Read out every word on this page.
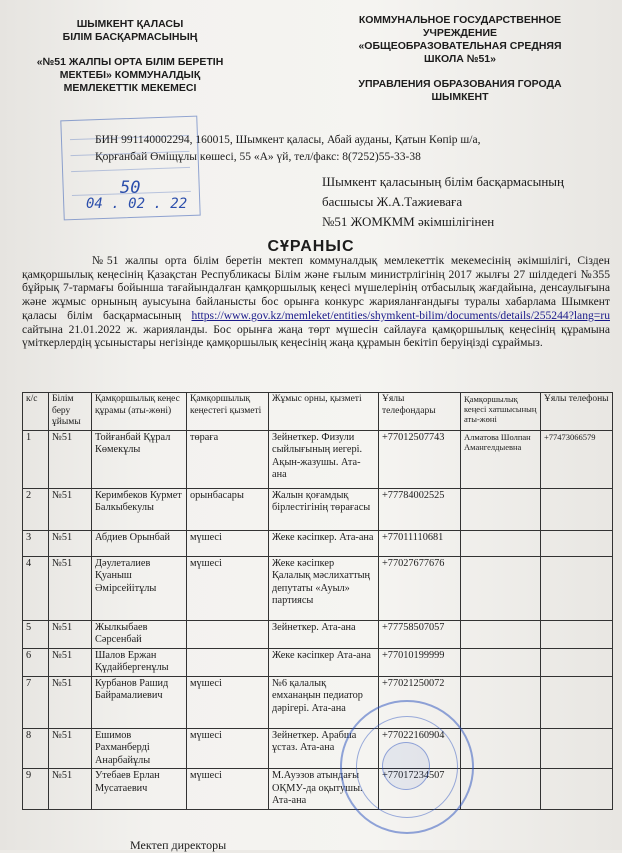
ШЫМКЕНТ ҚАЛАСЫ
БІЛІМ БАСҚАРМАСЫНЫҢ
«№51 ЖАЛПЫ ОРТА БІЛІМ БЕРЕТІН
МЕКТЕБІ» КОММУНАЛДЫҚ
МЕМЛЕКЕТТІК МЕКЕМЕСІ
КОММУНАЛЬНОЕ ГОСУДАРСТВЕННОЕ
УЧРЕЖДЕНИЕ
«ОБЩЕОБРАЗОВАТЕЛЬНАЯ СРЕДНЯЯ
ШКОЛА №51»
УПРАВЛЕНИЯ ОБРАЗОВАНИЯ ГОРОДА
ШЫМКЕНТ
50
04 . 02 . 22
БИН 991140002294, 160015, Шымкент қаласы, Абай ауданы, Қатын Көпір ш/а,
Қорғанбай Өміщұлы көшесі, 55 «А» үй, тел/факс: 8(7252)55-33-38
Шымкент қаласының білім басқармасының
басшысы Ж.А.Тажиеваға
№51 ЖОМКММ әкімшілігінен
СҰРАНЫС

№51 жалпы орта білім беретін мектеп коммуналдық мемлекеттік мекемесінің әкімшілігі, Сізден қамқоршылық кеңесінің Қазақстан Республикасы Білім және ғылым министрлігінің 2017 жылғы 27 шілдедегі №355 бұйрық 7-тармағы бойынша тағайындалған қамқоршылық кеңесі мүшелерінің отбасылық жағдайына, денсаулығына және жұмыс орнының ауысуына байланысты бос орынға конкурс жарияланғандығы туралы хабарлама Шымкент қаласы білім басқармасының https://www.gov.kz/memleket/entities/shymkent-bilim/documents/details/255244?lang=ru сайтына 21.01.2022 ж. жарияланды. Бос орынға жаңа төрт мүшесін сайлауға қамқоршылық кеңесінің құрамына үміткерлердің ұсыныстары негізінде қамқоршылық кеңесінің жаңа құрамын бекітіп беруіңізді сұраймыз.

к/с	Білім беру ұйымы	Қамқоршылық кеңес құрамы (аты-жөні)	Қамқоршылық кеңестегі қызметі	Жұмыс орны, қызметі	Ұялы телефондары	Қамқоршылық кеңесі хатшысының аты-жөні	Ұялы телефоны
1	№51	Тойғанбай Құрал Көмекұлы	төраға	Зейнеткер. Физули сыйлығының иегері. Ақын-жазушы. Ата-ана	+77012507743	Алматова Шолпан Амангелдыевна	+77473066579
2	№51	Керимбеков Курмет Балкыбекулы	орынбасары	Жалын қоғамдық бірлестігінің төрағасы	+77784002525		
3	№51	Абдиев Орынбай	мүшесі	Жеке кәсіпкер. Ата-ана	+77011110681		
4	№51	Дәулеталиев Қуаныш Әмірсейітұлы	мүшесі	Жеке кәсіпкер Қалалық мәслихаттың депутаты «Ауыл» партиясы	+77027677676		
5	№51	Жылкыбаев Сәрсенбай		Зейнеткер. Ата-ана	+77758507057		
6	№51	Шалов Ержан Құдайбергенұлы		Жеке кәсіпкер Ата-ана	+77010199999		
7	№51	Курбанов Рашид Байрамалиевич	мүшесі	№6 қалалық емханаңын педиатор дәрігері. Ата-ана	+77021250072		
8	№51	Ешимов Рахманберді Анарбайұлы	мүшесі	Зейнеткер. Арабша ұстаз. Ата-ана	+77022160904		
9	№51	Утебаев Ерлан Мусатаевич	мүшесі	М.Ауэзов атындағы ОҚМУ-да оқытушы. Ата-ана	+77017234507		
Мектеп директоры
